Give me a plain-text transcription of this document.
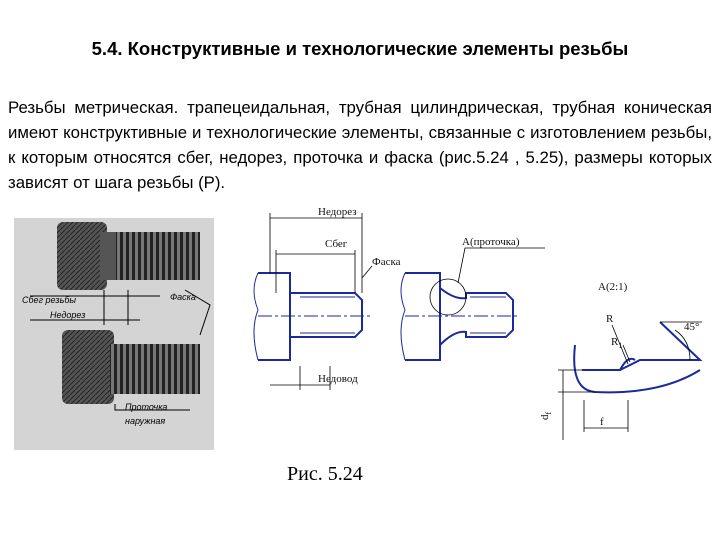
5.4. Конструктивные и технологические элементы резьбы

Резьбы метрическая. трапецеидальная, трубная цилиндрическая, трубная коническая имеют конструктивные и технологические элементы, связанные с изготовлением резьбы, к которым относятся сбег, недорез, проточка и фаска (рис.5.24 , 5.25), размеры которых зависят от шага резьбы (Р).

Сбег резьбы
Недорез
Фаска
Проточка
наружная
Недорез
Сбег
Фаска
Недовод
A(проточка)
A(2:1)
R
$R_1$
45°
$d_f$
f
Рис. 5.24
